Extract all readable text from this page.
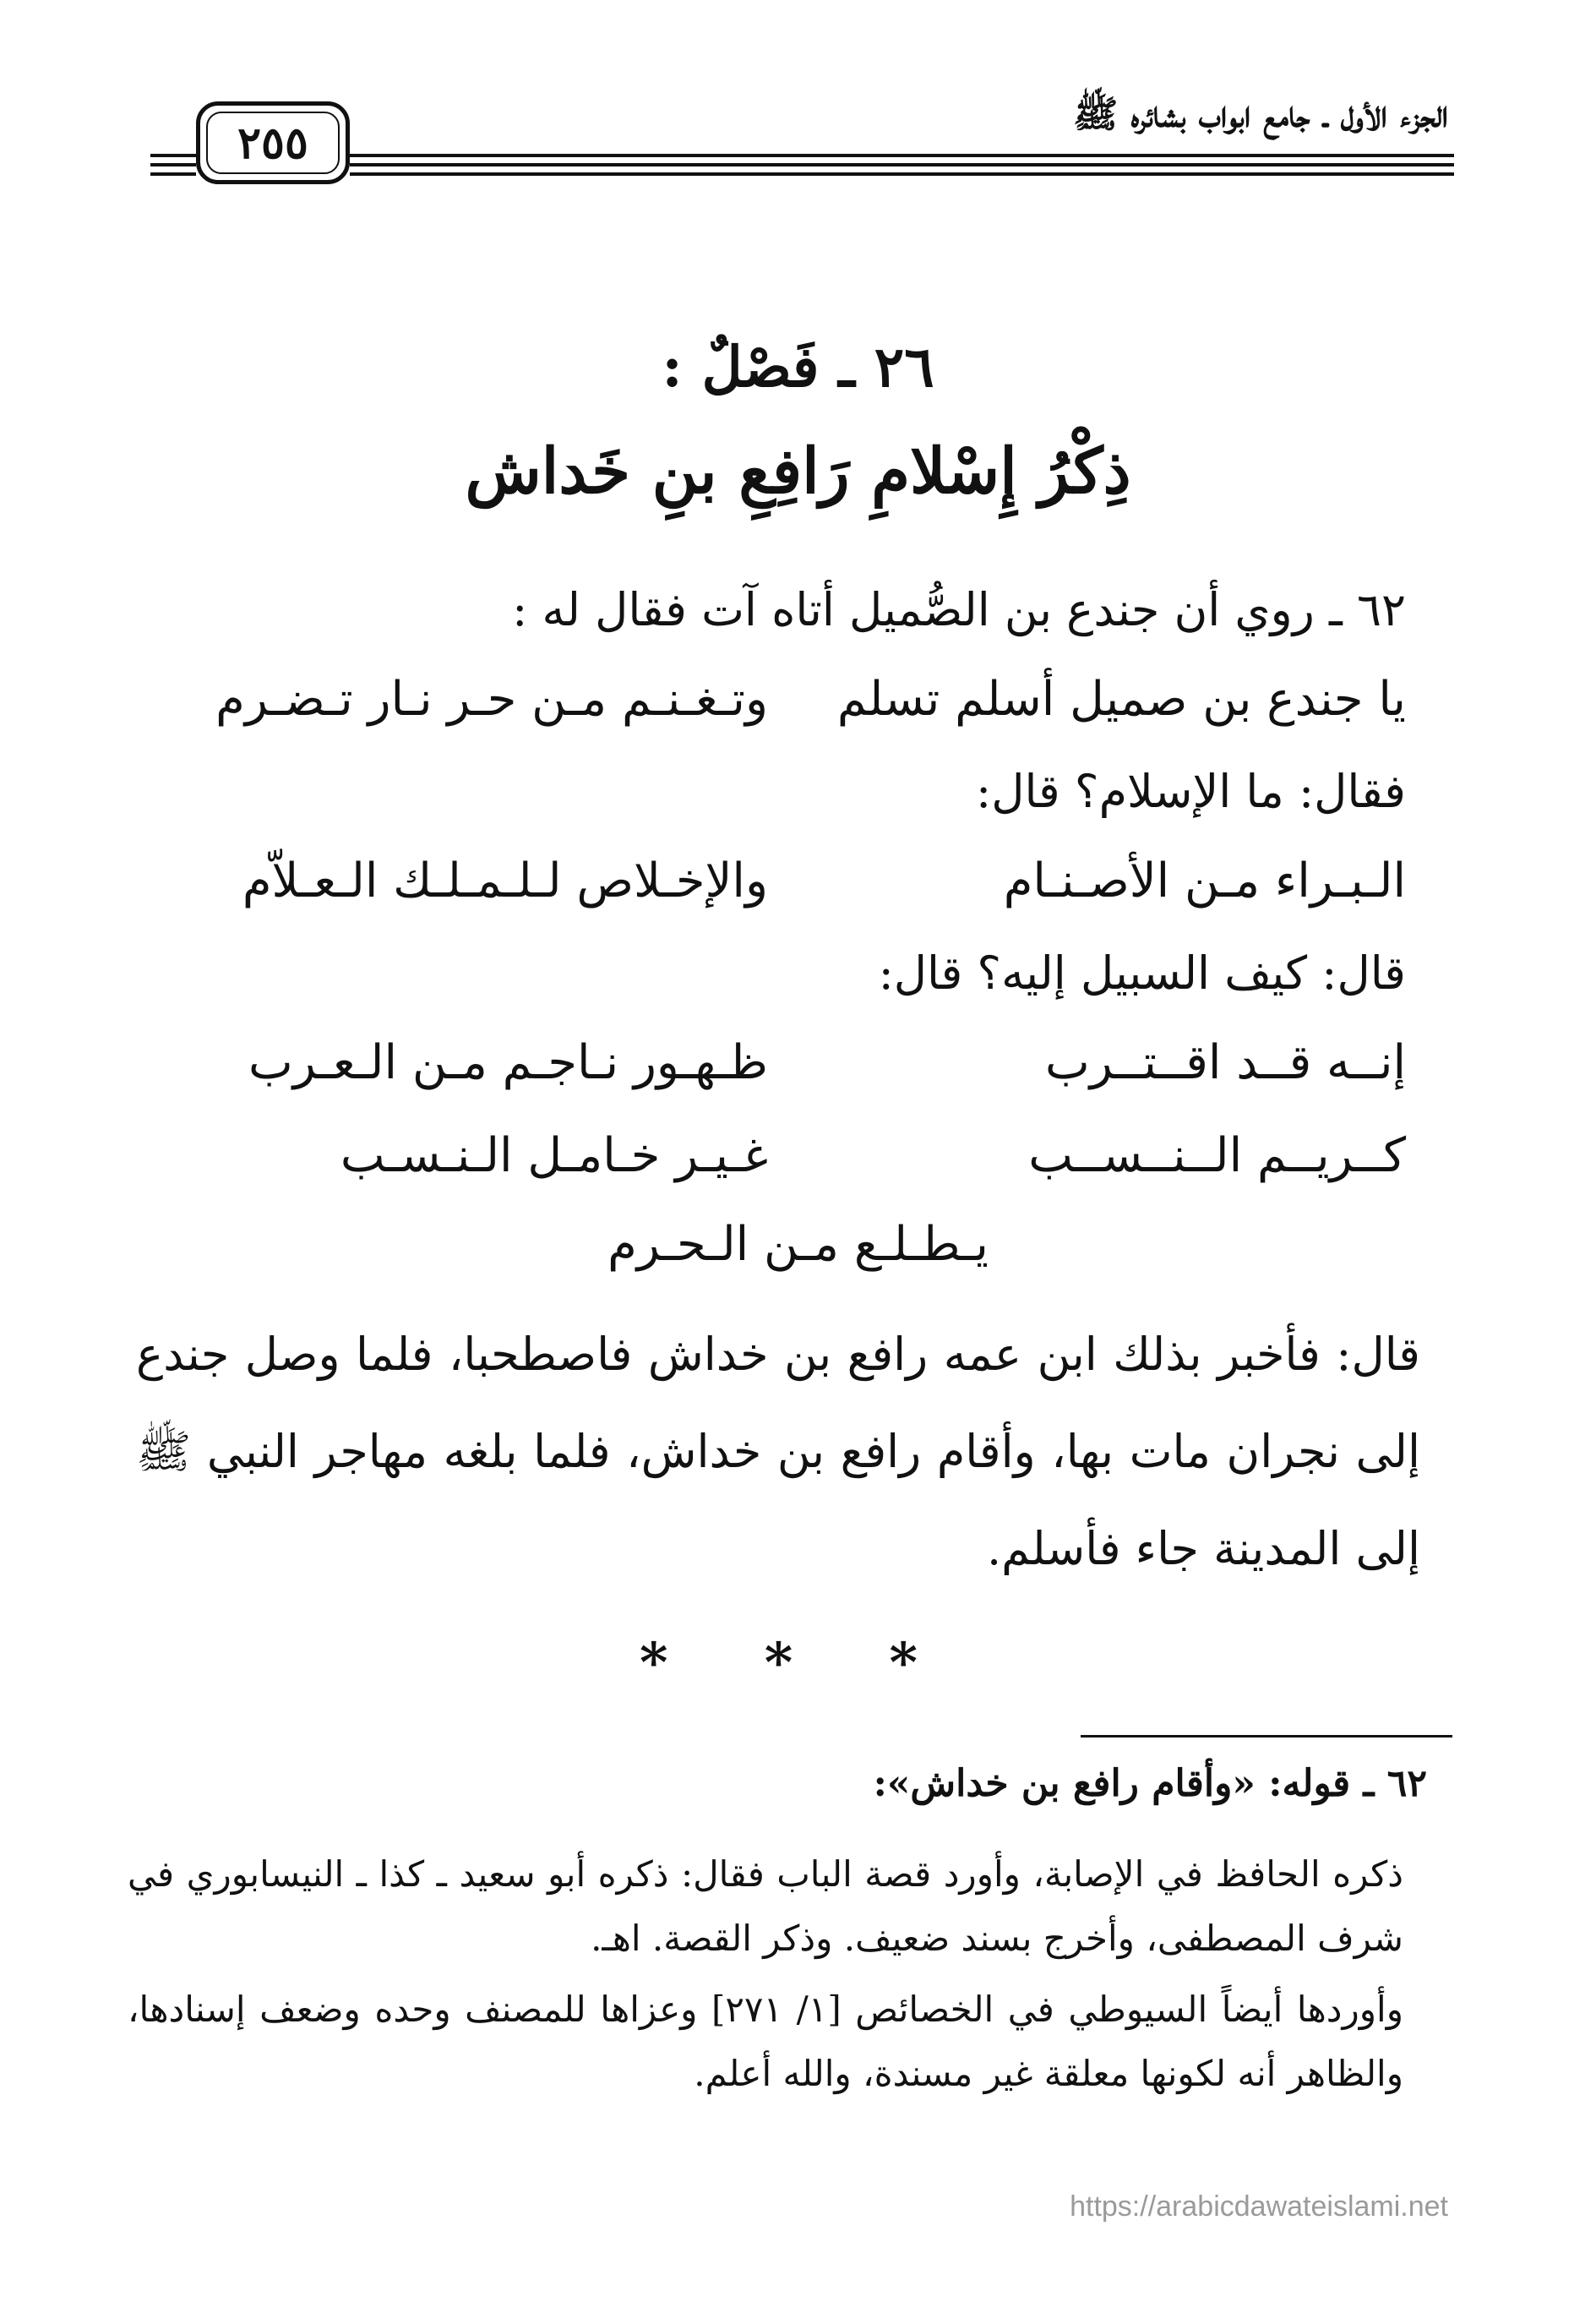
الجزء الأول ـ جامع ابواب بشائره ﷺ
٢٥٥
٢٦ ـ فَصْلٌ :
ذِكْرُ إِسْلامِ رَافِعِ بنِ خَداش
٦٢ ـ روي أن جندع بن الصُّميل أتاه آت فقال له :
يا جندع بن صميل أسلم تسلم
وتـغـنـم مـن حـر نـار تـضـرم
فقال: ما الإسلام؟ قال:
الـبـراء مـن الأصـنـام
والإخـلاص لـلـمـلـك الـعـلاّم
قال: كيف السبيل إليه؟ قال:
إنــه قــد اقــتــرب
ظـهـور نـاجـم مـن الـعـرب
كــريــم الــنــســب
غـيـر خـامـل الـنـسـب
يـطـلـع مـن الـحـرم
قال: فأخبر بذلك ابن عمه رافع بن خداش فاصطحبا، فلما وصل جندع إلى نجران مات بها، وأقام رافع بن خداش، فلما بلغه مهاجر النبي ﷺ إلى المدينة جاء فأسلم.
* * *
٦٢ ـ قوله: «وأقام رافع بن خداش»:
ذكره الحافظ في الإصابة، وأورد قصة الباب فقال: ذكره أبو سعيد ـ كذا ـ النيسابوري في شرف المصطفى، وأخرج بسند ضعيف. وذكر القصة. اهـ.
وأوردها أيضاً السيوطي في الخصائص [١/ ٢٧١] وعزاها للمصنف وحده وضعف إسنادها، والظاهر أنه لكونها معلقة غير مسندة، والله أعلم.
https://arabicdawateislami.net
